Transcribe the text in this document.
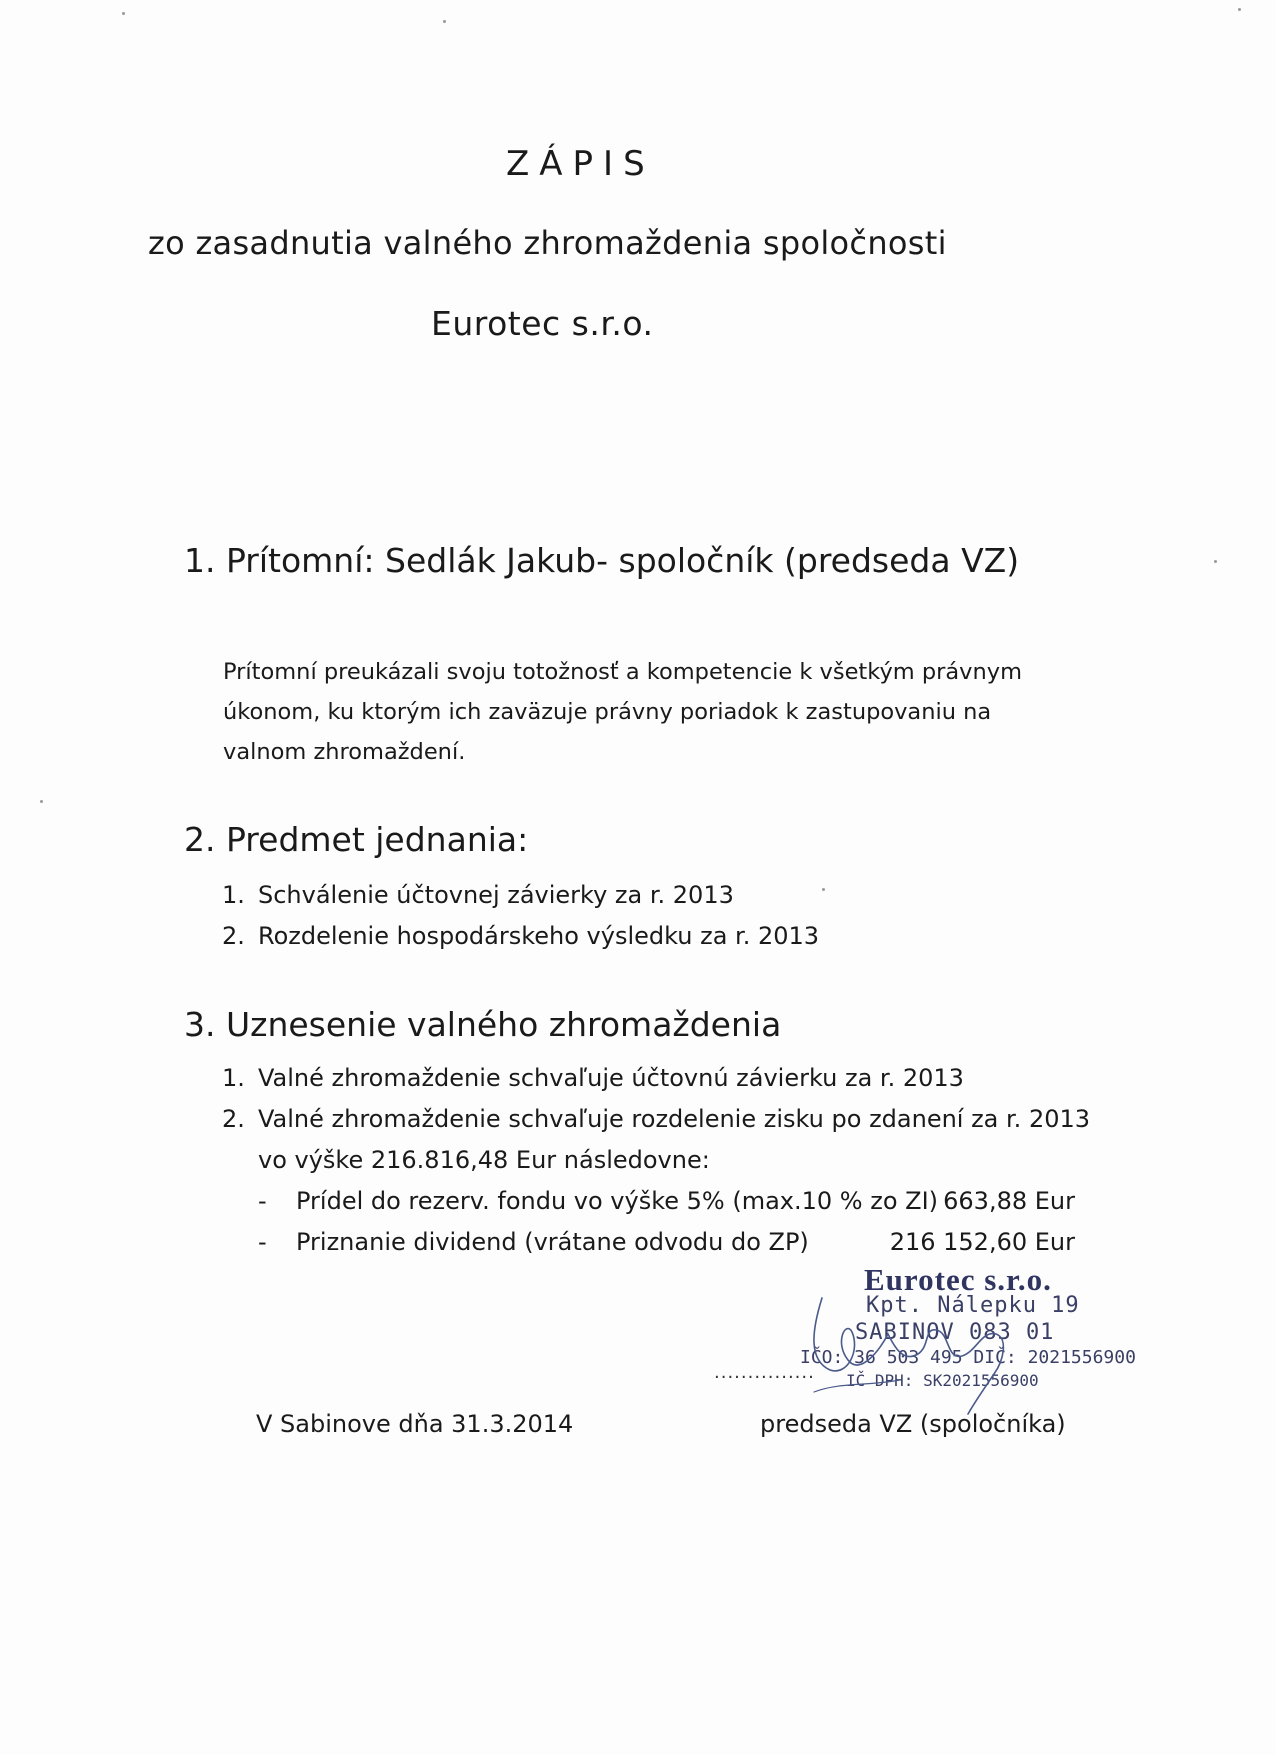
ZÁPIS
zo zasadnutia valného zhromaždenia spoločnosti
Eurotec s.r.o.
1. Prítomní: Sedlák Jakub- spoločník (predseda VZ)
Prítomní preukázali svoju totožnosť a kompetencie k všetkým právnym
úkonom, ku ktorým ich zaväzuje právny poriadok k zastupovaniu na
valnom zhromaždení.
2. Predmet jednania:
1. Schválenie účtovnej závierky za r. 2013
2. Rozdelenie hospodárskeho výsledku za r. 2013
3. Uznesenie valného zhromaždenia
1. Valné zhromaždenie schvaľuje účtovnú závierku za r. 2013
2. Valné zhromaždenie schvaľuje rozdelenie zisku po zdanení za r. 2013
vo výške 216.816,48 Eur následovne:
- Prídel do rezerv. fondu vo výške 5% (max.10 % zo ZI) 663,88 Eur
- Priznanie dividend (vrátane odvodu do ZP)	216 152,60 Eur
Eurotec s.r.o.
Kpt. Nálepku 19
SABINOV 083 01
IČO: 36 503 495 DIČ: 2021556900
IČ DPH: SK2021556900
...............
V Sabinove dňa 31.3.2014	predseda VZ (spoločníka)
